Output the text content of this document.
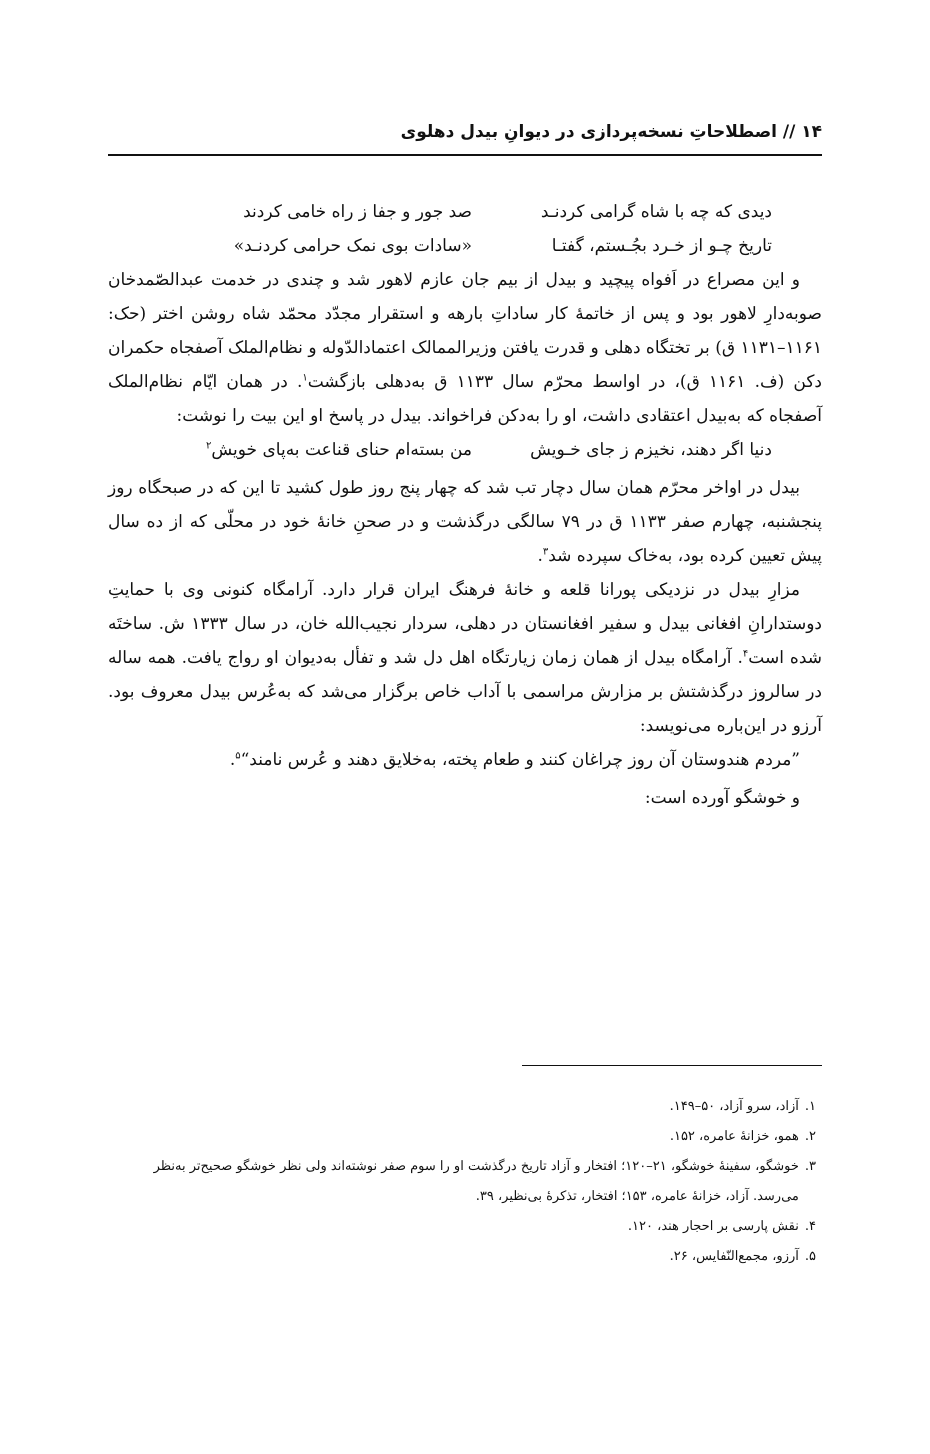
۱۴ // اصطلاحاتِ نسخه‌پردازی در دیوانِ بیدل دهلوی
دیدی که چه با شاه گرامی کردنـد
صد جور و جفا ز راه خامی کردند
تاریخ چـو از خـرد بجُـستم، گفتـا
«سادات بوی نمک حرامی کردنـد»

و این مصراع در اَفواه پیچید و بیدل از بیم جان عازم لاهور شد و چندی در خدمت عبدالصّمدخان صوبه‌دارِ لاهور بود و پس از خاتمهٔ کار ساداتِ بارهه و استقرار مجدّد محمّد شاه روشن اختر (حک: ۱۱۶۱–۱۱۳۱ ق) بر تختگاه دهلی و قدرت یافتن وزیرالممالک اعتمادالدّوله و نظام‌الملک آصفجاه حکمران دکن (ف. ۱۱۶۱ ق)، در اواسط محرّم سال ۱۱۳۳ ق به‌دهلی بازگشت$^۱$. در همان ایّام نظام‌الملک آصفجاه که به‌بیدل اعتقادی داشت، او را به‌دکن فراخواند. بیدل در پاسخ او این بیت را نوشت:

دنیا اگر دهند، نخیزم ز جای خـویش
من بسته‌ام حنای قناعت به‌پای خویش$^۲$

بیدل در اواخر محرّم همان سال دچار تب شد که چهار پنج روز طول کشید تا این که در صبحگاه روز پنجشنبه، چهارم صفر ۱۱۳۳ ق در ۷۹ سالگی درگذشت و در صحنِ خانهٔ خود در محلّی که از ده سال پیش تعیین کرده بود، به‌خاک سپرده شد$^۳$.

مزارِ بیدل در نزدیکی پورانا قلعه و خانهٔ فرهنگ ایران قرار دارد. آرامگاه کنونی وی با حمایتِ دوستدارانِ افغانی بیدل و سفیر افغانستان در دهلی، سردار نجیب‌الله خان، در سال ۱۳۳۳ ش. ساختَه شده است$^۴$. آرامگاه بیدل از همان زمان زیارتگاه اهل دل شد و تفأل به‌دیوان او رواج یافت. همه ساله در سالروز درگذشتش بر مزارش مراسمی با آداب خاص برگزار می‌شد که به‌عُرس بیدل معروف بود. آرزو در این‌باره می‌نویسد:

”مردم هندوستان آن روز چراغان کنند و طعام پخته، به‌خلایق دهند و عُرس نامند“$^۵$.

و خوشگو آورده است:

۱.
آزاد، سرو آزاد، ۵۰–۱۴۹.
۲.
همو، خزانهٔ عامره، ۱۵۲.
۳.
خوشگو، سفینهٔ خوشگو، ۲۱–۱۲۰؛ افتخار و آزاد تاریخ درگذشت او را سوم صفر نوشته‌اند ولی نظر خوشگو صحیح‌تر به‌نظر می‌رسد. آزاد، خزانهٔ عامره، ۱۵۳؛ افتخار، تذکرهٔ بی‌نظیر، ۳۹.
۴.
نقش پارسی بر احجار هند، ۱۲۰.
۵.
آرزو، مجمع‌النّفایس، ۲۶.
